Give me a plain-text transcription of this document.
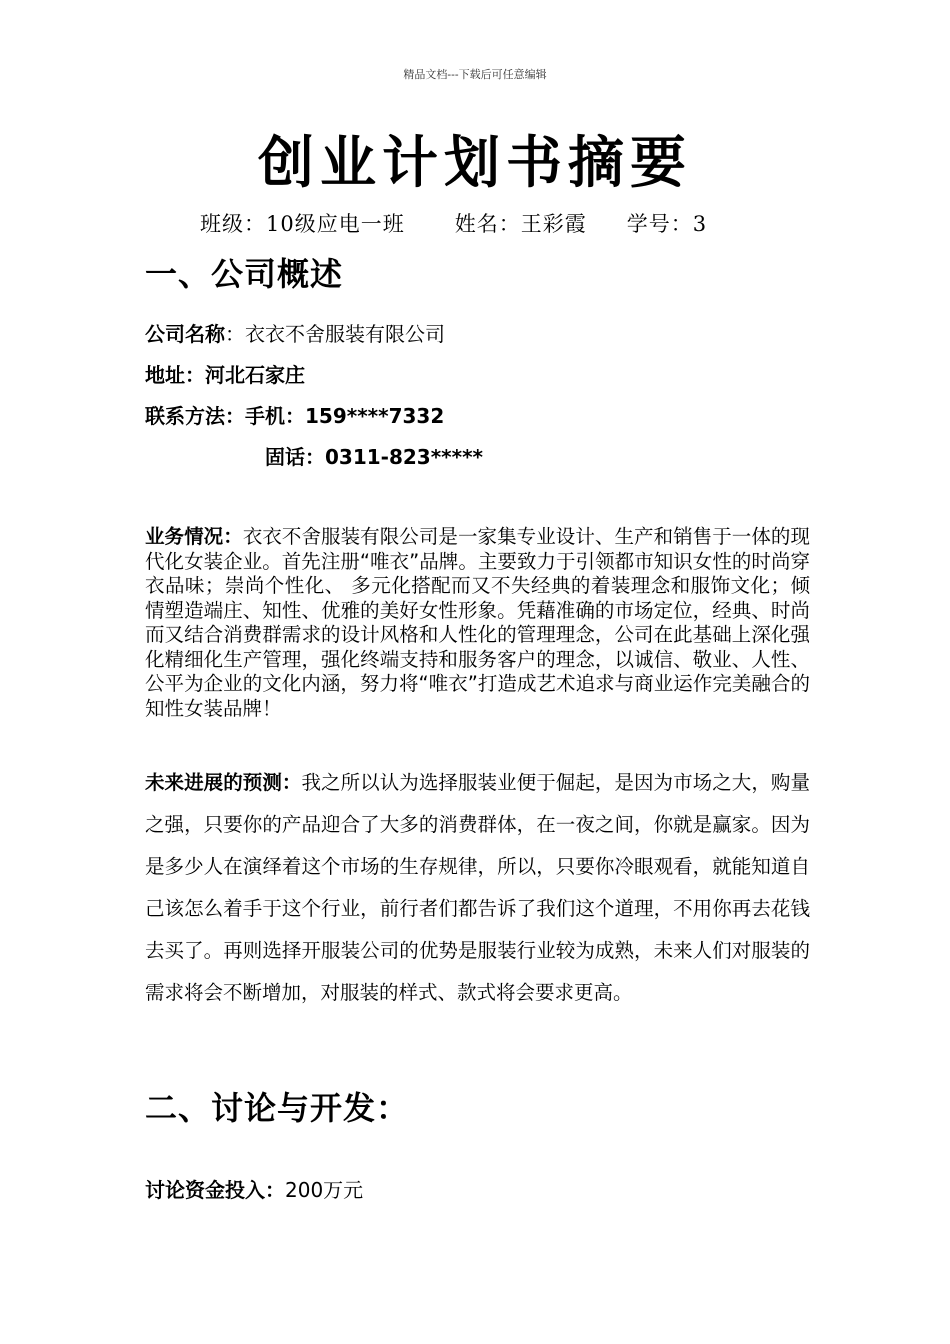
精品文档---下载后可任意编辑
创业计划书摘要
班级：10级应电一班 姓名：王彩霞 学号：3
一、公司概述
公司名称：衣衣不舍服装有限公司
地址：河北石家庄
联系方法：手机：159****7332
固话：0311-823*****
业务情况：衣衣不舍服装有限公司是一家集专业设计、生产和销售于一体的现代化女装企业。首先注册“唯衣”品牌。主要致力于引领都市知识女性的时尚穿衣品味；崇尚个性化、 多元化搭配而又不失经典的着装理念和服饰文化；倾情塑造端庄、知性、优雅的美好女性形象。凭藉准确的市场定位，经典、时尚而又结合消费群需求的设计风格和人性化的管理理念，公司在此基础上深化强化精细化生产管理，强化终端支持和服务客户的理念，以诚信、敬业、人性、公平为企业的文化内涵，努力将“唯衣”打造成艺术追求与商业运作完美融合的知性女装品牌！
未来进展的预测：我之所以认为选择服装业便于倔起，是因为市场之大，购量之强，只要你的产品迎合了大多的消费群体，在一夜之间，你就是赢家。因为是多少人在演绎着这个市场的生存规律，所以，只要你冷眼观看，就能知道自己该怎么着手于这个行业，前行者们都告诉了我们这个道理，不用你再去花钱去买了。再则选择开服装公司的优势是服装行业较为成熟，未来人们对服装的需求将会不断增加，对服装的样式、款式将会要求更高。
二、讨论与开发：
讨论资金投入：200万元
